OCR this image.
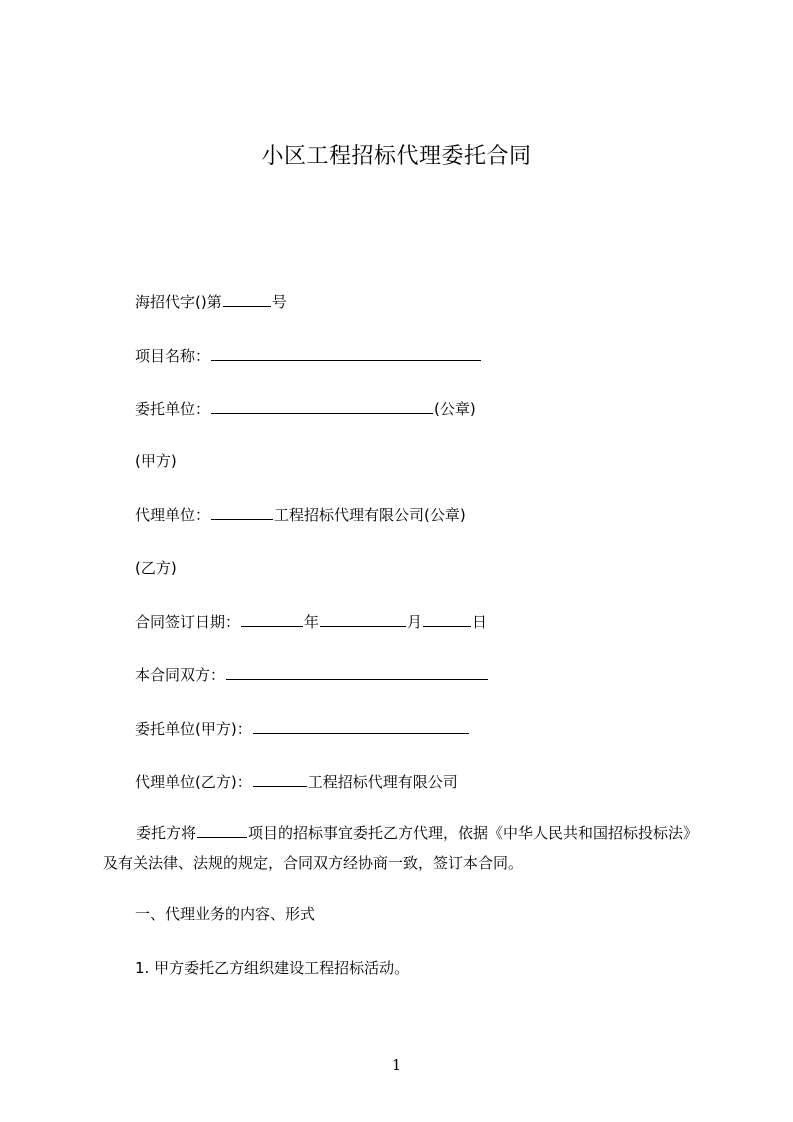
小区工程招标代理委托合同
海招代字()第	号
项目名称：
委托单位：	(公章)
(甲方)
代理单位：	工程招标代理有限公司(公章)
(乙方)
合同签订日期：	年	月	日
本合同双方：
委托单位(甲方)：
代理单位(乙方)：	工程招标代理有限公司
委托方将	项目的招标事宜委托乙方代理，依据《中华人民共和国招标投标法》及有关法律、法规的规定，合同双方经协商一致，签订本合同。
一、代理业务的内容、形式
1. 甲方委托乙方组织建设工程招标活动。
1
